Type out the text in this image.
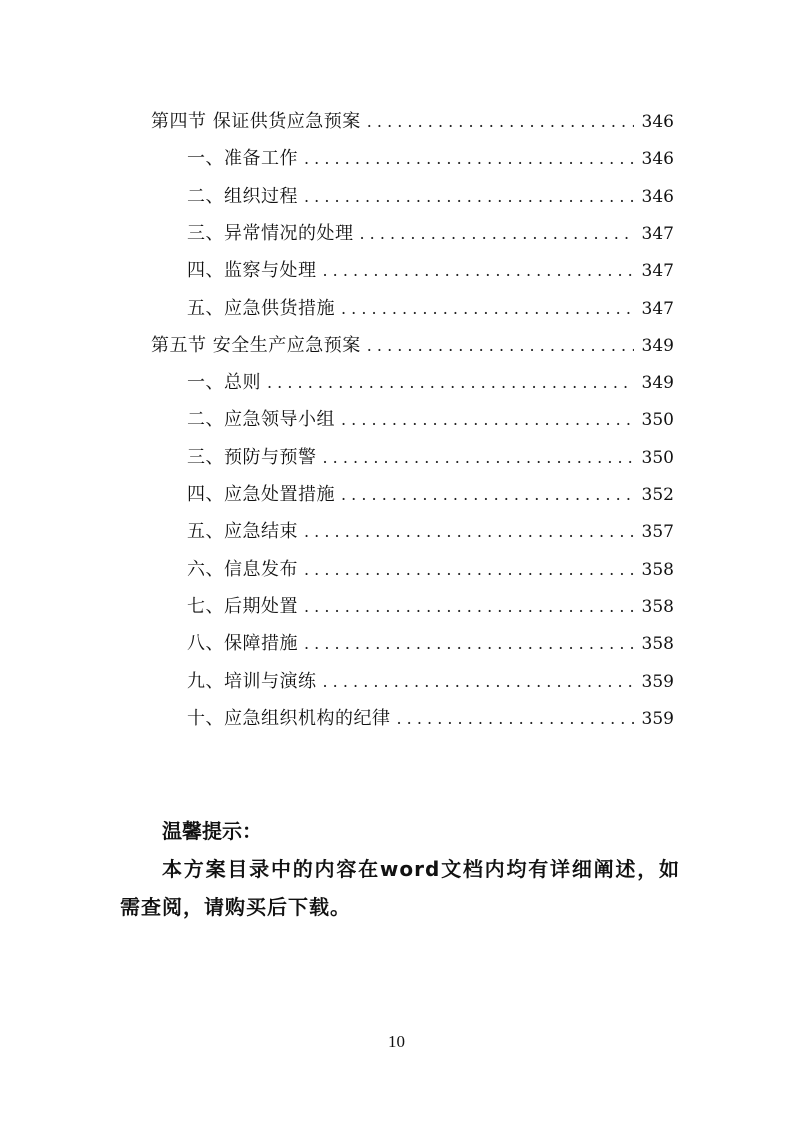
第四节 保证供货应急预案 . . .	346
一、准备工作 . . .	346
二、组织过程 . . .	346
三、异常情况的处理 . . .	347
四、监察与处理 . . .	347
五、应急供货措施 . . .	347
第五节 安全生产应急预案 . . .	349
一、总则 . . .	349
二、应急领导小组 . . .	350
三、预防与预警 . . .	350
四、应急处置措施 . . .	352
五、应急结束 . . .	357
六、信息发布 . . .	358
七、后期处置 . . .	358
八、保障措施 . . .	358
九、培训与演练 . . .	359
十、应急组织机构的纪律 . . .	359
温馨提示：
本方案目录中的内容在word文档内均有详细阐述，如需查阅，请购买后下载。
10
